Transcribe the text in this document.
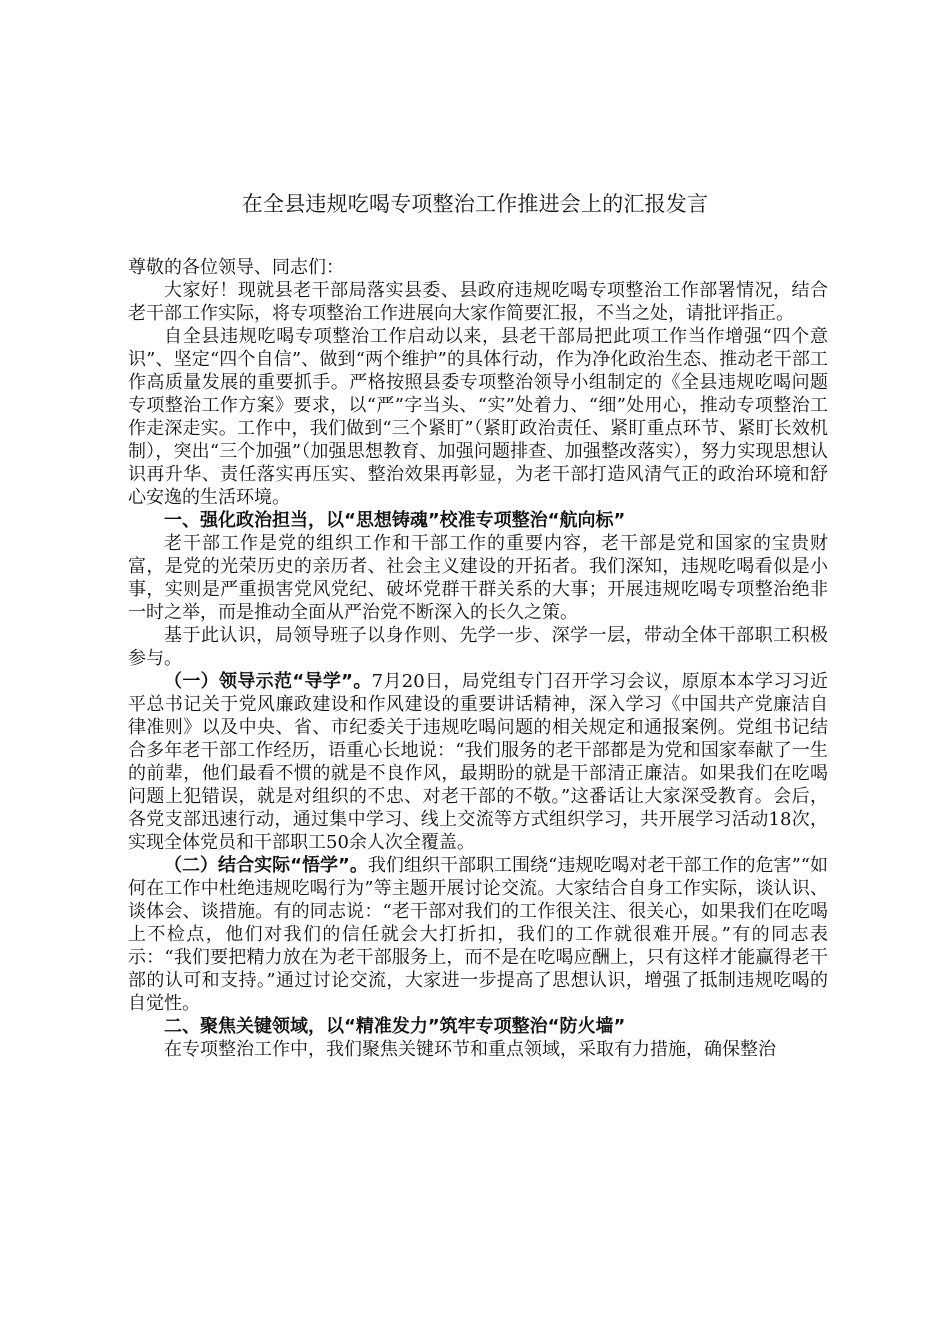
在全县违规吃喝专项整治工作推进会上的汇报发言

尊敬的各位领导、同志们：

大家好！现就县老干部局落实县委、县政府违规吃喝专项整治工作部署情况，结合老干部工作实际，将专项整治工作进展向大家作简要汇报，不当之处，请批评指正。

自全县违规吃喝专项整治工作启动以来，县老干部局把此项工作当作增强“四个意识”、坚定“四个自信”、做到“两个维护”的具体行动，作为净化政治生态、推动老干部工作高质量发展的重要抓手。严格按照县委专项整治领导小组制定的《全县违规吃喝问题专项整治工作方案》要求，以“严”字当头、“实”处着力、“细”处用心，推动专项整治工作走深走实。工作中，我们做到“三个紧盯”（紧盯政治责任、紧盯重点环节、紧盯长效机制），突出“三个加强”（加强思想教育、加强问题排查、加强整改落实），努力实现思想认识再升华、责任落实再压实、整治效果再彰显，为老干部打造风清气正的政治环境和舒心安逸的生活环境。

一、强化政治担当，以“思想铸魂”校准专项整治“航向标”

老干部工作是党的组织工作和干部工作的重要内容，老干部是党和国家的宝贵财富，是党的光荣历史的亲历者、社会主义建设的开拓者。我们深知，违规吃喝看似是小事，实则是严重损害党风党纪、破坏党群干群关系的大事；开展违规吃喝专项整治绝非一时之举，而是推动全面从严治党不断深入的长久之策。

基于此认识，局领导班子以身作则、先学一步、深学一层，带动全体干部职工积极参与。

（一）领导示范“导学”。7月20日，局党组专门召开学习会议，原原本本学习习近平总书记关于党风廉政建设和作风建设的重要讲话精神，深入学习《中国共产党廉洁自律准则》以及中央、省、市纪委关于违规吃喝问题的相关规定和通报案例。党组书记结合多年老干部工作经历，语重心长地说：“我们服务的老干部都是为党和国家奉献了一生的前辈，他们最看不惯的就是不良作风，最期盼的就是干部清正廉洁。如果我们在吃喝问题上犯错误，就是对组织的不忠、对老干部的不敬。”这番话让大家深受教育。会后，各党支部迅速行动，通过集中学习、线上交流等方式组织学习，共开展学习活动18次，实现全体党员和干部职工50余人次全覆盖。

（二）结合实际“悟学”。我们组织干部职工围绕“违规吃喝对老干部工作的危害”“如何在工作中杜绝违规吃喝行为”等主题开展讨论交流。大家结合自身工作实际，谈认识、谈体会、谈措施。有的同志说：“老干部对我们的工作很关注、很关心，如果我们在吃喝上不检点，他们对我们的信任就会大打折扣，我们的工作就很难开展。”有的同志表示：“我们要把精力放在为老干部服务上，而不是在吃喝应酬上，只有这样才能赢得老干部的认可和支持。”通过讨论交流，大家进一步提高了思想认识，增强了抵制违规吃喝的自觉性。

二、聚焦关键领域，以“精准发力”筑牢专项整治“防火墙”

在专项整治工作中，我们聚焦关键环节和重点领域，采取有力措施，确保整治
